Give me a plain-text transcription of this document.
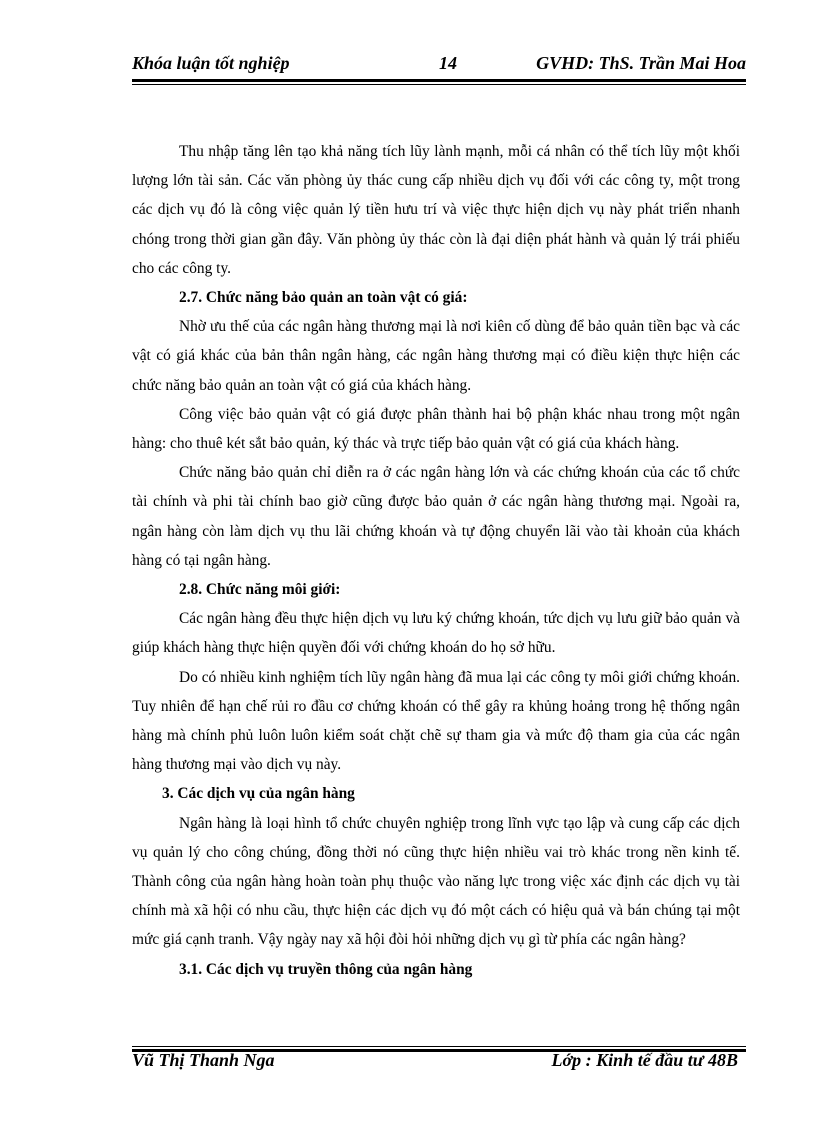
Khóa luận tốt nghiệp	14	GVHD: ThS. Trần Mai Hoa

Thu nhập tăng lên tạo khả năng tích lũy lành mạnh, mỗi cá nhân có thể tích lũy một khối lượng lớn tài sản. Các văn phòng ủy thác cung cấp nhiều dịch vụ đối với các công ty, một trong các dịch vụ đó là công việc quản lý tiền hưu trí và việc thực hiện dịch vụ này phát triển nhanh chóng trong thời gian gần đây. Văn phòng ủy thác còn là đại diện phát hành và quản lý trái phiếu cho các công ty.

2.7. Chức năng bảo quản an toàn vật có giá:

Nhờ ưu thế của các ngân hàng thương mại là nơi kiên cố dùng để bảo quản tiền bạc và các vật có giá khác của bản thân ngân hàng, các ngân hàng thương mại có điều kiện thực hiện các chức năng bảo quản an toàn vật có giá của khách hàng.

Công việc bảo quản vật có giá được phân thành hai bộ phận khác nhau trong một ngân hàng: cho thuê két sắt bảo quản, ký thác và trực tiếp bảo quản vật có giá của khách hàng.

Chức năng bảo quản chỉ diễn ra ở các ngân hàng lớn và các chứng khoán của các tổ chức tài chính và phi tài chính bao giờ cũng được bảo quản ở các ngân hàng thương mại. Ngoài ra, ngân hàng còn làm dịch vụ thu lãi chứng khoán và tự động chuyển lãi vào tài khoản của khách hàng có tại ngân hàng.

2.8. Chức năng môi giới:

Các ngân hàng đều thực hiện dịch vụ lưu ký chứng khoán, tức dịch vụ lưu giữ bảo quản và giúp khách hàng thực hiện quyền đối với chứng khoán do họ sở hữu.

Do có nhiều kinh nghiệm tích lũy ngân hàng đã mua lại các công ty môi giới chứng khoán. Tuy nhiên để hạn chế rủi ro đầu cơ chứng khoán có thể gây ra khủng hoảng trong hệ thống ngân hàng mà chính phủ luôn luôn kiểm soát chặt chẽ sự tham gia và mức độ tham gia của các ngân hàng thương mại vào dịch vụ này.

3. Các dịch vụ của ngân hàng

Ngân hàng là loại hình tổ chức chuyên nghiệp trong lĩnh vực tạo lập và cung cấp các dịch vụ quản lý cho công chúng, đồng thời nó cũng thực hiện nhiều vai trò khác trong nền kinh tế. Thành công của ngân hàng hoàn toàn phụ thuộc vào năng lực trong việc xác định các dịch vụ tài chính mà xã hội có nhu cầu, thực hiện các dịch vụ đó một cách có hiệu quả và bán chúng tại một mức giá cạnh tranh. Vậy ngày nay xã hội đòi hỏi những dịch vụ gì từ phía các ngân hàng?

3.1. Các dịch vụ truyền thông của ngân hàng

Vũ Thị Thanh Nga	Lớp : Kinh tế đầu tư 48B
